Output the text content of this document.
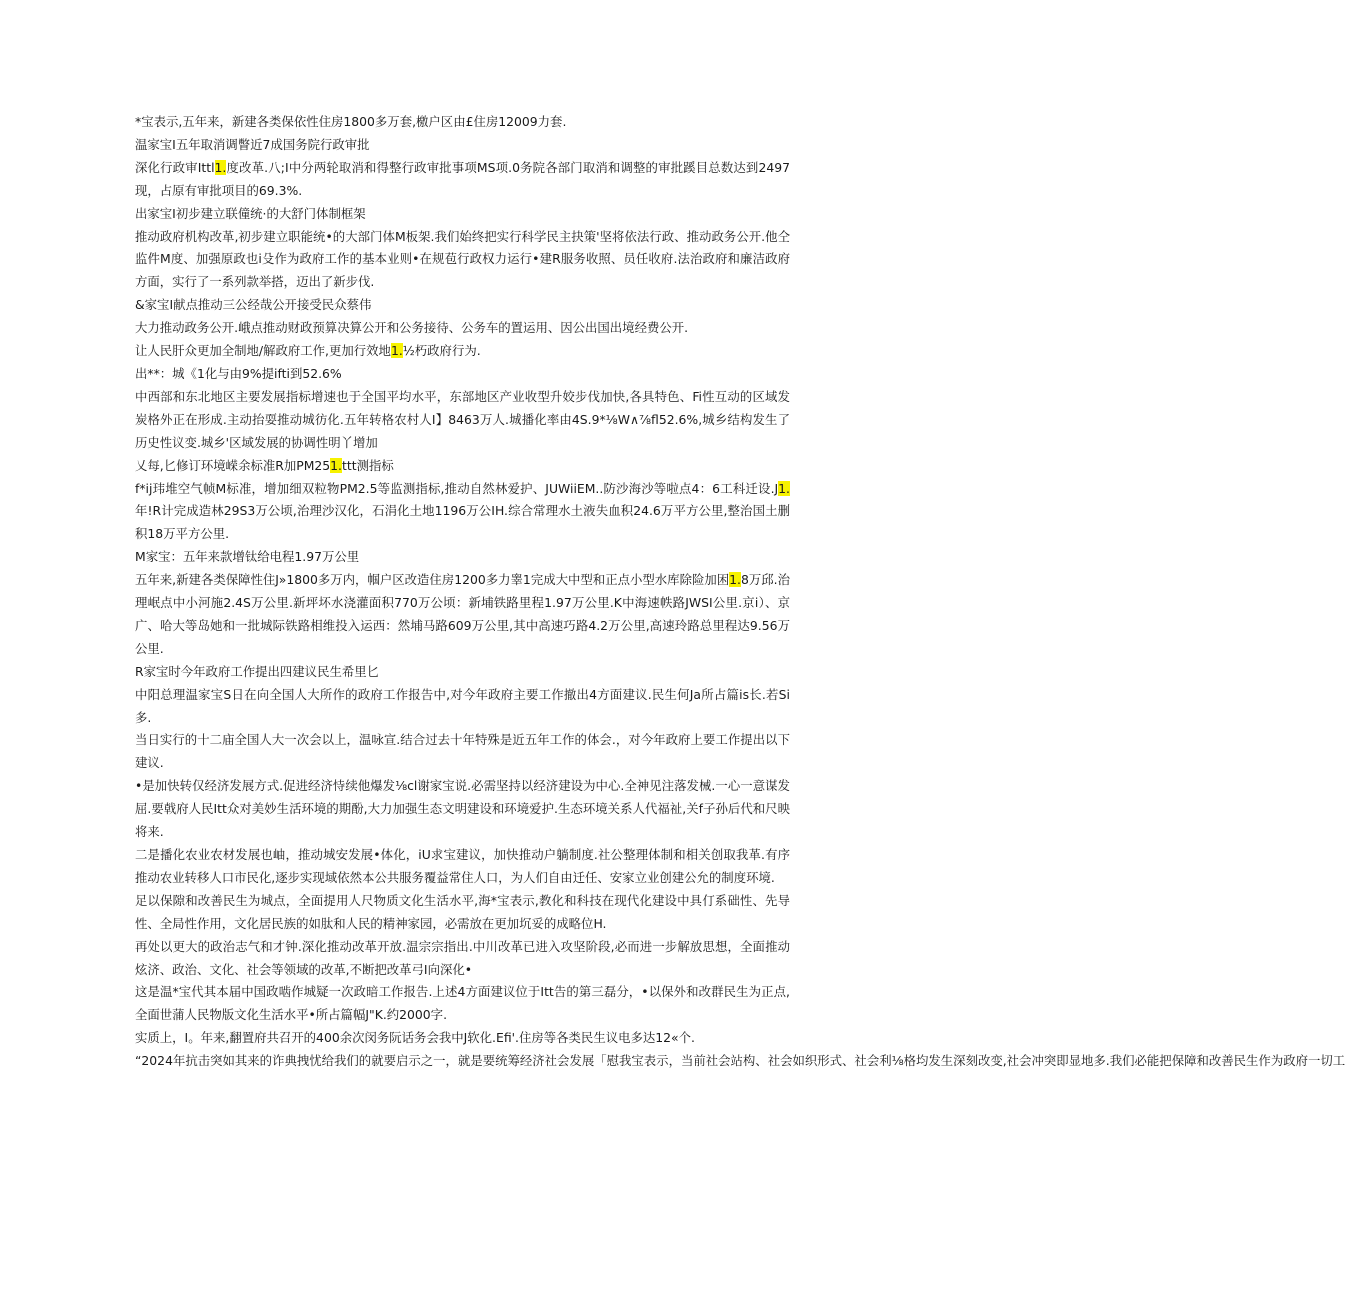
*宝表示,五年来，新建各类保依性住房1800多万套,檄户区由£住房12009力套.

温家宝I五年取消调瞥近7成国务院行政审批

深化行政审Ittl1.度改革.八;I中分两轮取消和得整行政审批事项MS项.0务院各部门取消和调整的审批蹊目总数达到2497现，占原有审批项目的69.3%.

出家宝I初步建立联僮统·的大舒门体制框架

推动政府机构改革,初步建立职能统•的大部门体M板架.我们始终把实行科学民主抉策'坚将依法行政、推动政务公开.他仝监件M度、加强原政也i殳作为政府工作的基本业则•在规苞行政权力运行•建R服务收照、员任收府.法治政府和廉洁政府方面，实行了一系列款举搭，迈出了新步伐.

&家宝I献点推动三公经哉公开接受民众蔡伟

大力推动政务公开.峨点推动财政预算决算公开和公务接待、公务车的置运用、因公出国出境经费公开.

让人民肝众更加全制地/解政府工作,更加行效地1.½朽政府行为.

出**：城《1化与由9%提ifti到52.6%

中西部和东北地区主要发展指标增速也于全国平均水平，东部地区产业收型升姣步伐加快,各具特色、Fi性互动的区域发炭格外正在形成.主动抬耍推动城彷化.五年转格农村人I】8463万人.城播化率由4S.9*⅛W∧⅞fl52.6%,城乡结构发生了历史性议变.城乡'区域发展的协调性明丫增加

乂每,匕修订环境嵘余标准R加PM251.ttt测指标

f*ij玮堆空气帧M标准，增加细双粒物PM2.5等监测指标,推动自然林爱护、JUWiiEM..防沙海沙等啦点4：6工科迁设.J1.年!R计完成造林29S3万公顷,治理沙汉化，石涓化土地1196万公IH.综合常理水土液失血积24.6万平方公里,整治国土删积18万平方公里.

M家宝：五年来款增钛给电程1.97万公里

五年来,新建各类保障性住J»1800多万内，帼户区改造住房1200多力睾1完成大中型和正点小型水库除险加困1.8万邱.治理岷点中小河施2.4S万公里.新坪坏水浇灌面积770万公顷：新埔铁路里程1.97万公里.K中海速帙路JWSI公里.京i）、京广、哈大等岛她和一批城际铁路相维投入运西：然埔马路609万公里,其中高速巧路4.2万公里,高速玲路总里程达9.56万公里.

R家宝时今年政府工作提出四建议民生希里匕

中阳总理温家宝S日在向全国人大所作的政府工作报告中,对今年政府主要工作撤出4方面建议.民生何Ja所占篇is长.若Si多.

当日实行的十二庙全国人大一次会以上，温咏宣.结合过去十年特殊是近五年工作的体会.，对今年政府上要工作提出以下建议.

•是加快转仅经济发展方式.促进经济恃续他爆发⅛cl谢家宝说.必需坚持以经济建设为中心.全神见注落发械.一心一意谋发屈.要戟府人民Itt众对美妙生活环境的期酚,大力加强生态文明建设和环境爱护.生态环境关系人代福祉,关f子孙后代和尺映将来.

二是播化农业农材发展也岫，推动城安发展•体化，iU求宝建议，加快推动户躺制度.社公整理体制和相关创取我革.有序推动农业转移人口市民化,逐步实现域依然本公共服务覆益常住人口，为人们自由迁任、安家立业创建公允的制度环境.

足以保隙和改善民生为城点，全面提用人尺物质文化生活水平,海*宝表示,教化和科技在现代化建设中具仃系础性、先导性、全局性作用，文化居民族的如肽和人民的精神家园，必需放在更加坈妥的成略位H.

再处以更大的政治志气和才钟.深化推动改革开放.温宗宗指出.中川改革已进入攻坚阶段,必而进一步解放思想，全面推动炫济、政治、文化、社会等领域的改革,不断把改革弓I向深化•

这是温*宝代其本届中国政啮作城疑一次政暗工作报告.上述4方面建议位于Itt告的第三磊分，•以保外和改群民生为正点,全面世蒲人民物版文化生活水平•所占篇幅J"K.约2000字.

实质上，I。年来,翻置府共召开的400余次闵务阮话务会我中J软化.Efi'.住房等各类民生议电多达12«个.

“2024年抗击突如其来的诈典拽忧给我们的就要启示之一，就是要统筹经济社会发展「慰我宝表示，当前社会站构、社会如织形式、社会利⅛格均发生深刻改变,社会冲突即显地多.我们必能把保障和改善民生作为政府一切工
